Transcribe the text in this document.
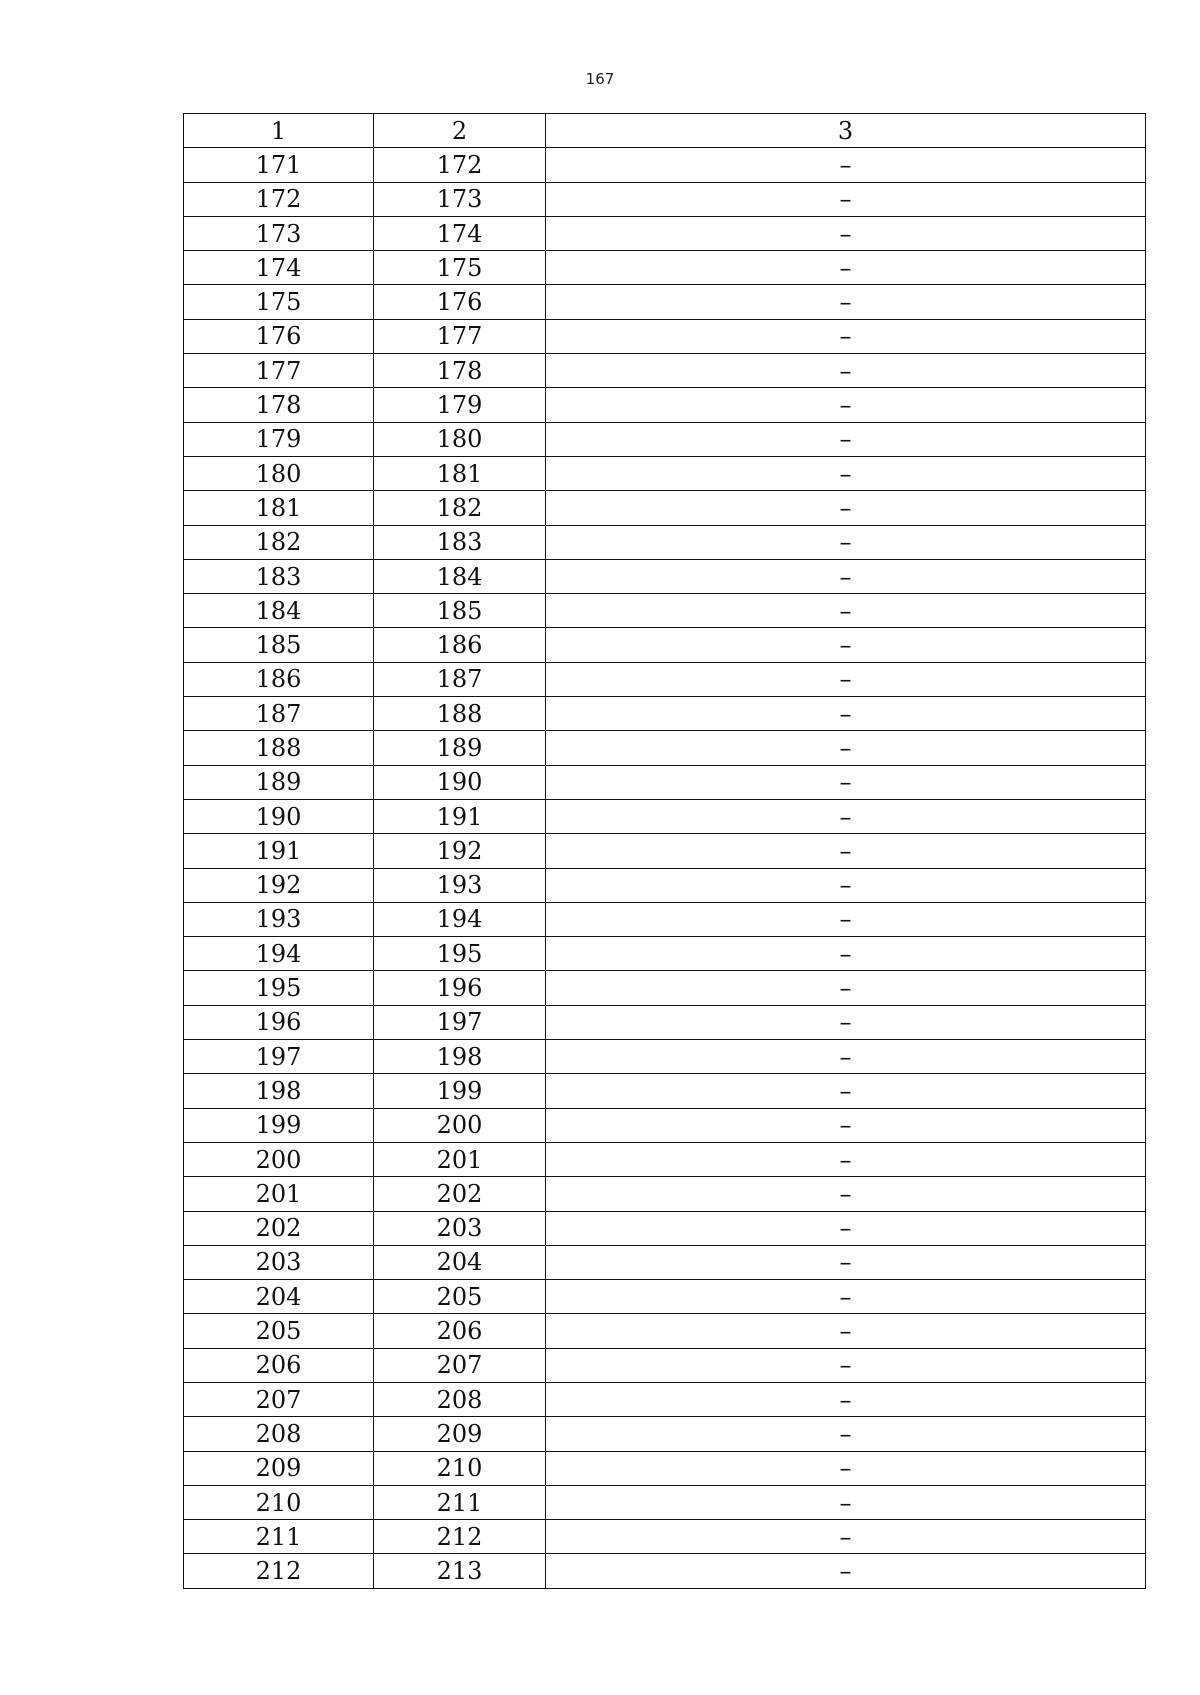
167
1	2	3
171	172	–
172	173	–
173	174	–
174	175	–
175	176	–
176	177	–
177	178	–
178	179	–
179	180	–
180	181	–
181	182	–
182	183	–
183	184	–
184	185	–
185	186	–
186	187	–
187	188	–
188	189	–
189	190	–
190	191	–
191	192	–
192	193	–
193	194	–
194	195	–
195	196	–
196	197	–
197	198	–
198	199	–
199	200	–
200	201	–
201	202	–
202	203	–
203	204	–
204	205	–
205	206	–
206	207	–
207	208	–
208	209	–
209	210	–
210	211	–
211	212	–
212	213	–
